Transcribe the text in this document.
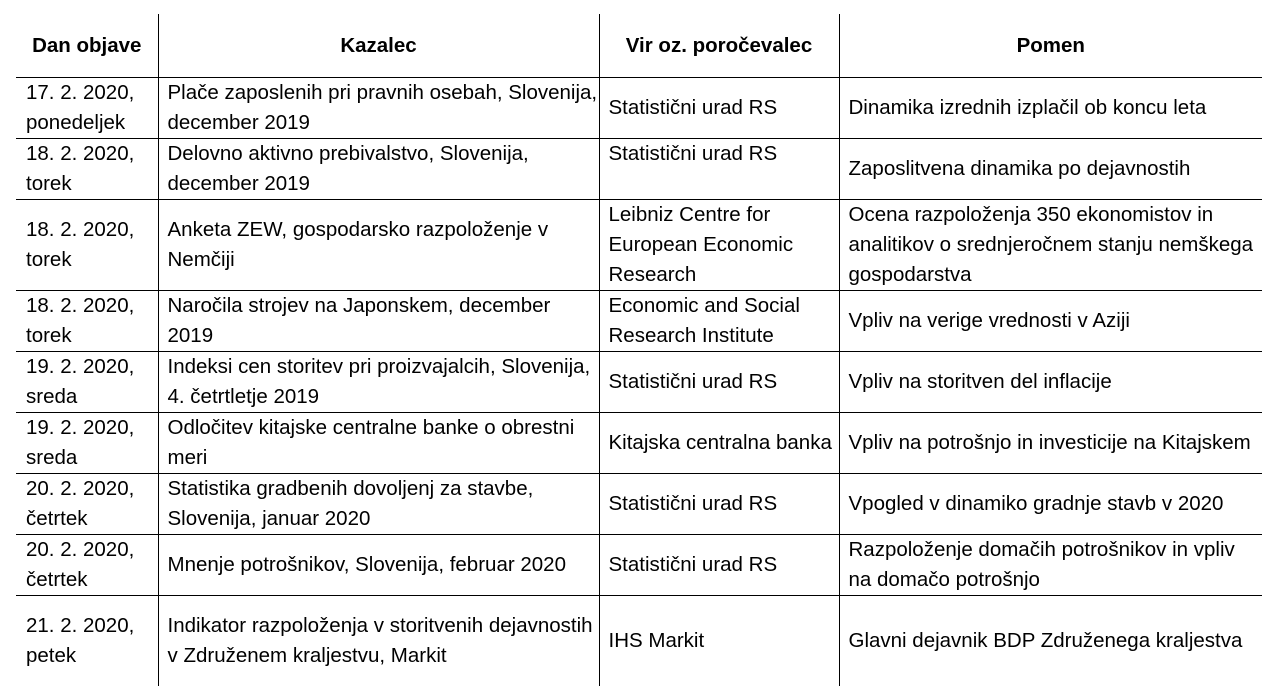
Dan objave	Kazalec	Vir oz. poročevalec	Pomen
17. 2. 2020, ponedeljek	Plače zaposlenih pri pravnih osebah, Slovenija, december 2019	Statistični urad RS	Dinamika izrednih izplačil ob koncu leta
18. 2. 2020, torek	Delovno aktivno prebivalstvo, Slovenija, december 2019	Statistični urad RS	Zaposlitvena dinamika po dejavnostih
18. 2. 2020, torek	Anketa ZEW, gospodarsko razpoloženje v Nemčiji	Leibniz Centre for European Economic Research	Ocena razpoloženja 350 ekonomistov in analitikov o srednjeročnem stanju nemškega gospodarstva
18. 2. 2020, torek	Naročila strojev na Japonskem, december 2019	Economic and Social Research Institute	Vpliv na verige vrednosti v Aziji
19. 2. 2020, sreda	Indeksi cen storitev pri proizvajalcih, Slovenija, 4. četrtletje 2019	Statistični urad RS	Vpliv na storitven del inflacije
19. 2. 2020, sreda	Odločitev kitajske centralne banke o obrestni meri	Kitajska centralna banka	Vpliv na potrošnjo in investicije na Kitajskem
20. 2. 2020, četrtek	Statistika gradbenih dovoljenj za stavbe, Slovenija, januar 2020	Statistični urad RS	Vpogled v dinamiko gradnje stavb v 2020
20. 2. 2020, četrtek	Mnenje potrošnikov, Slovenija, februar 2020	Statistični urad RS	Razpoloženje domačih potrošnikov in vpliv na domačo potrošnjo
21. 2. 2020, petek	Indikator razpoloženja v storitvenih dejavnostih v Združenem kraljestvu, Markit	IHS Markit	Glavni dejavnik BDP Združenega kraljestva
